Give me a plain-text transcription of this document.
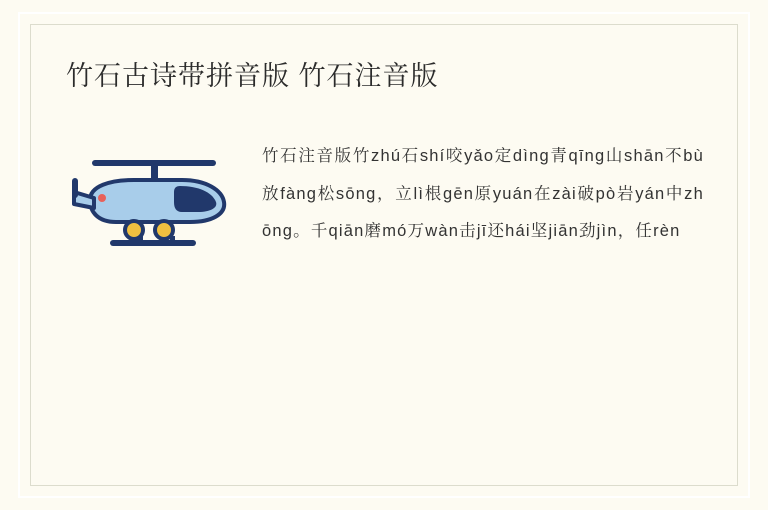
竹石古诗带拼音版 竹石注音版
竹石注音版竹zhú石shí咬yǎo定dìng青qīng山shān不bù放fàng松sōng，立lì根gēn原yuán在zài破pò岩yán中zhōng。千qiān磨mó万wàn击jī还hái坚jiān劲jìn，任rèn
